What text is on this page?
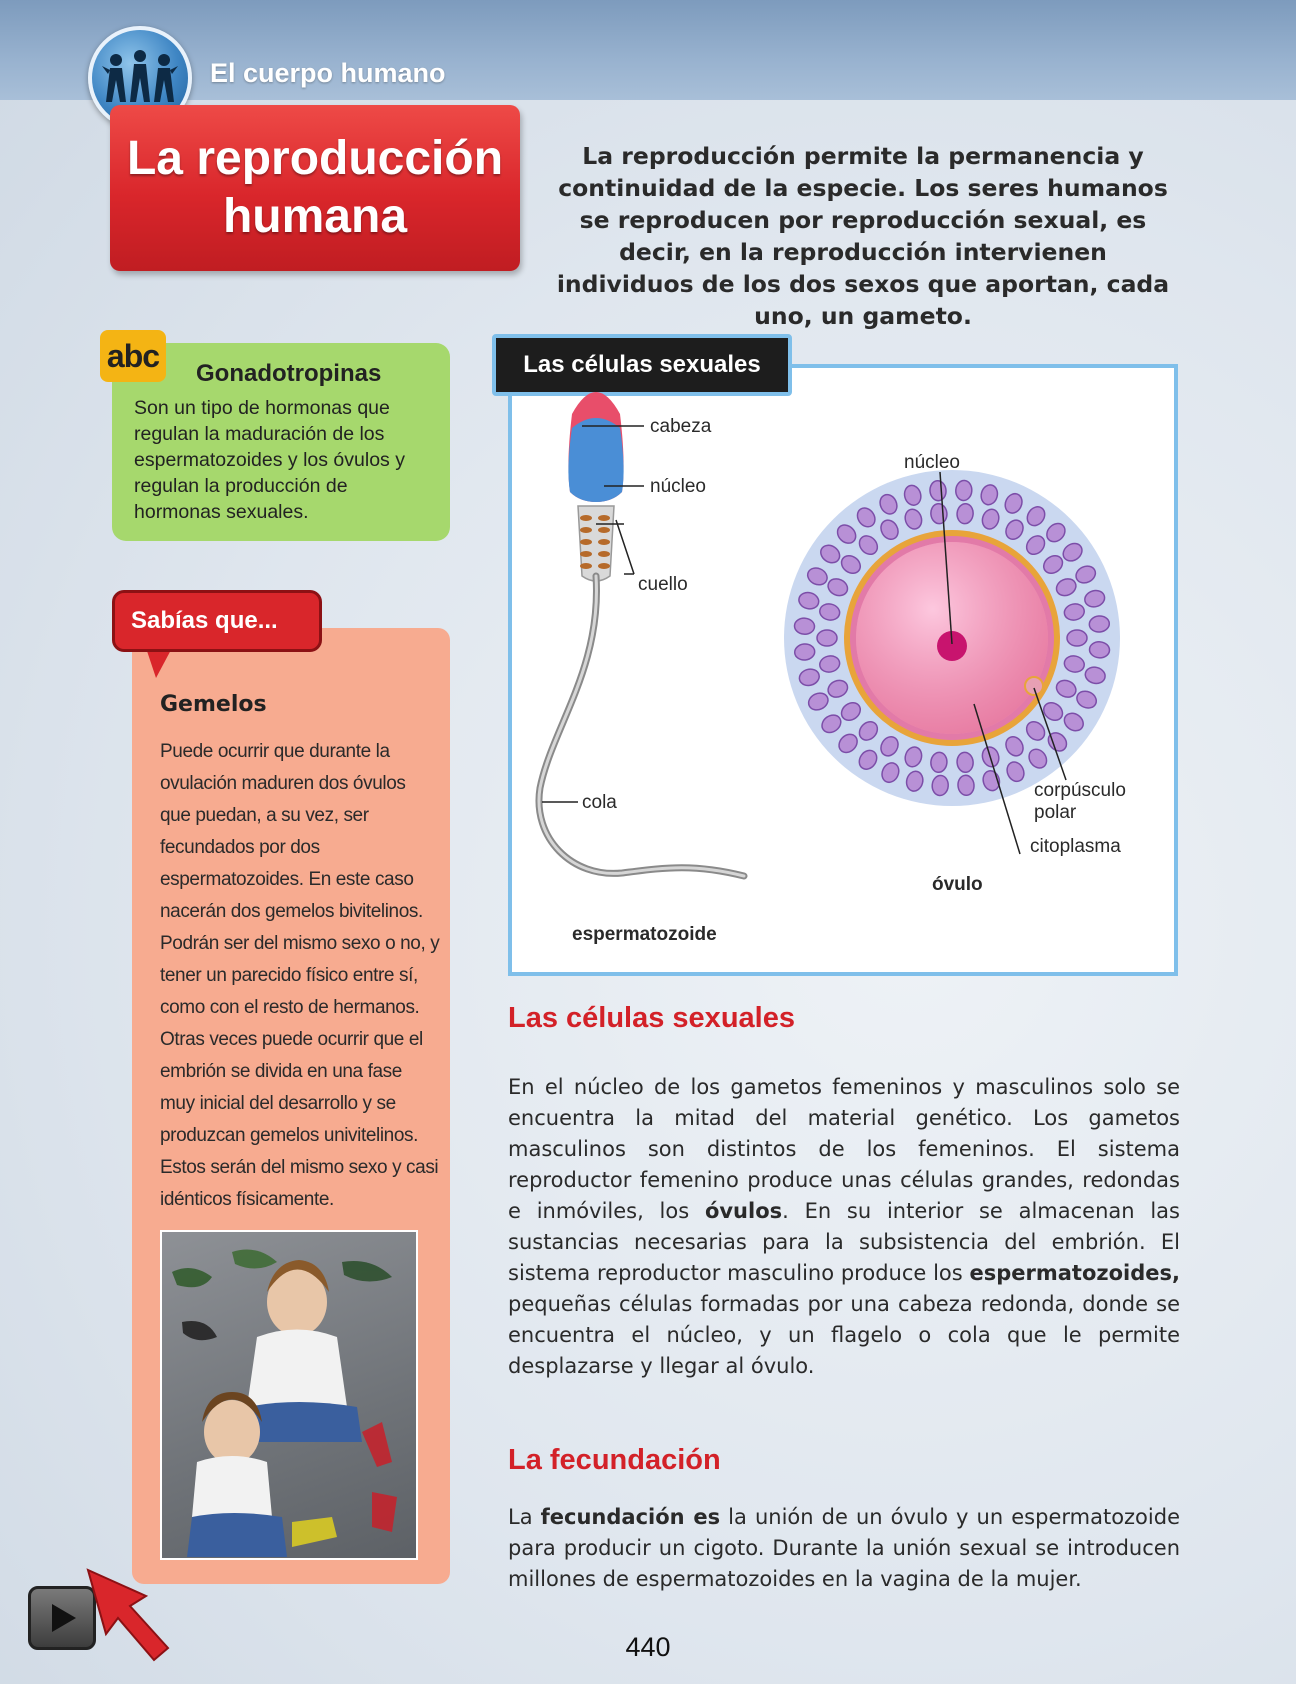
El cuerpo humano
La reproducción
humana
La reproducción permite la permanencia y continuidad de la especie. Los seres humanos se reproducen por reproducción sexual, es decir, en la reproducción intervienen individuos de los dos sexos que aportan, cada uno, un gameto.
abc Gonadotropinas
Son un tipo de hormonas que regulan la maduración de los espermatozoides y los óvulos y regulan la producción de hormonas sexuales.
Sabías que...
Gemelos
Puede ocurrir que durante la ovulación maduren dos óvulos que puedan, a su vez, ser fecundados por dos espermatozoides. En este caso nacerán dos gemelos bivitelinos. Podrán ser del mismo sexo o no, y tener un parecido físico entre sí, como con el resto de hermanos. Otras veces puede ocurrir que el embrión se divida en una fase muy inicial del desarrollo y se produzcan gemelos univitelinos. Estos serán del mismo sexo y casi idénticos físicamente.
Las células sexuales
cabeza
núcleo
cuello
cola
espermatozoide
núcleo
corpúsculo
polar
citoplasma
óvulo
Las células sexuales
En el núcleo de los gametos femeninos y masculinos solo se encuentra la mitad del material genético. Los gametos masculinos son distintos de los femeninos. El sistema reproductor femenino produce unas células grandes, redondas e inmóviles, los óvulos. En su interior se almacenan las sustancias necesarias para la subsistencia del embrión. El sistema reproductor masculino produce los espermatozoides, pequeñas células formadas por una cabeza redonda, donde se encuentra el núcleo, y un flagelo o cola que le permite desplazarse y llegar al óvulo.
La fecundación
La fecundación es la unión de un óvulo y un espermatozoide para producir un cigoto. Durante la unión sexual se introducen millones de espermatozoides en la vagina de la mujer.
440
